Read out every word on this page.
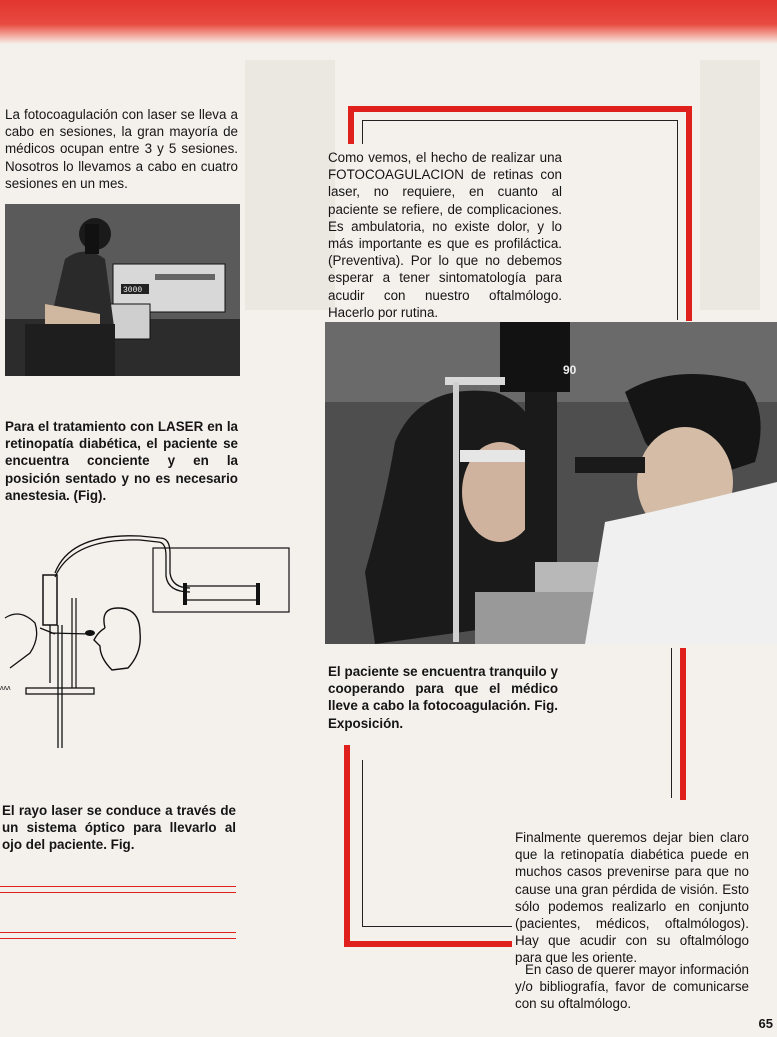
La fotocoagulación con laser se lleva a cabo en sesiones, la gran mayoría de médicos ocupan entre 3 y 5 sesiones. Nosotros lo llevamos a cabo en cuatro sesiones en un mes.
3000
Para el tratamiento con LASER en la retinopatía diabética, el paciente se encuentra conciente y en la posición sentado y no es necesario anestesia. (Fig).
ʌʌʌ
El rayo laser se conduce a través de un sistema óptico para llevarlo al ojo del paciente. Fig.
Como vemos, el hecho de realizar una FOTOCOAGULACION de retinas con laser, no requiere, en cuanto al paciente se refiere, de complicaciones. Es ambulatoria, no existe dolor, y lo más importante es que es profiláctica. (Preventiva). Por lo que no debemos esperar a tener sintomatología para acudir con nuestro oftalmólogo. Hacerlo por rutina.
90
El paciente se encuentra tranquilo y cooperando para que el médico lleve a cabo la fotocoagulación. Fig. Exposición.
Finalmente queremos dejar bien claro que la retinopatía diabética puede en muchos casos prevenirse para que no cause una gran pérdida de visión. Esto sólo podemos realizarlo en conjunto (pacientes, médicos, oftalmólogos). Hay que acudir con su oftalmólogo para que les oriente.
En caso de querer mayor información y/o bibliografía, favor de comunicarse con su oftalmólogo.
65
